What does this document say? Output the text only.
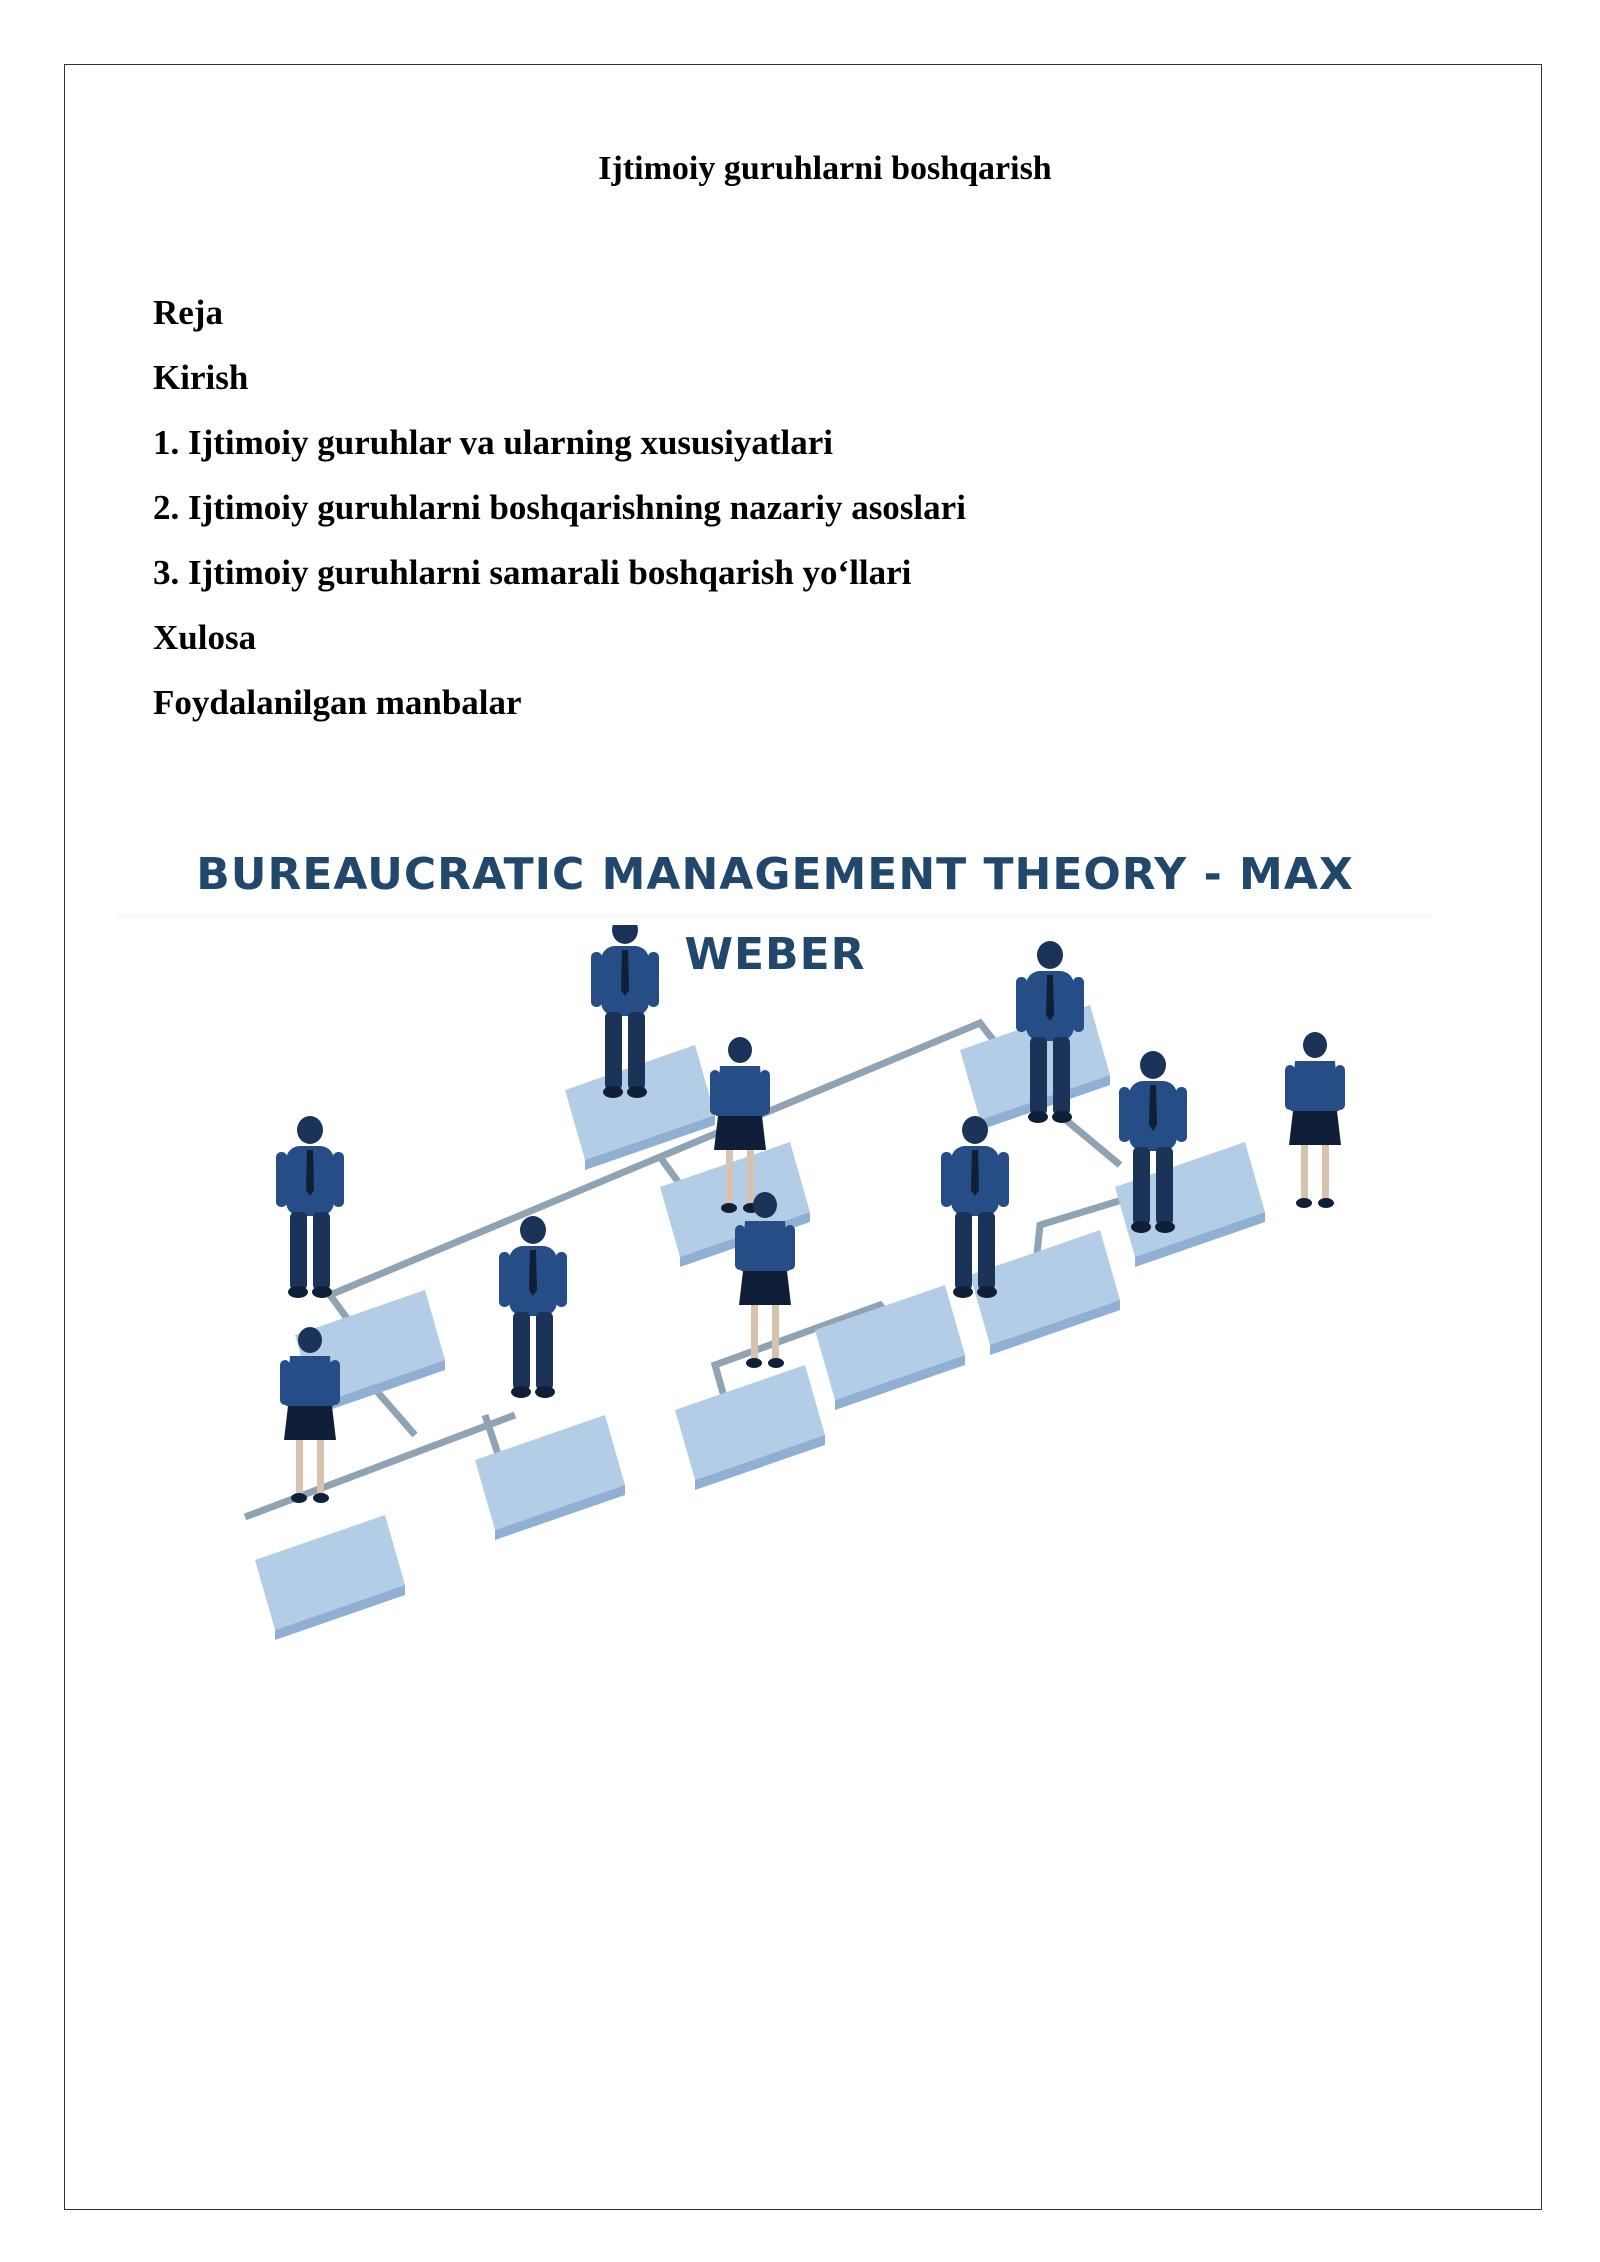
Ijtimoiy guruhlarni boshqarish
Reja
Kirish
1. Ijtimoiy guruhlar va ularning xususiyatlari
2. Ijtimoiy guruhlarni boshqarishning nazariy asoslari
3. Ijtimoiy guruhlarni samarali boshqarish yo‘llari
Xulosa
Foydalanilgan manbalar
BUREAUCRATIC MANAGEMENT THEORY - MAX WEBER
